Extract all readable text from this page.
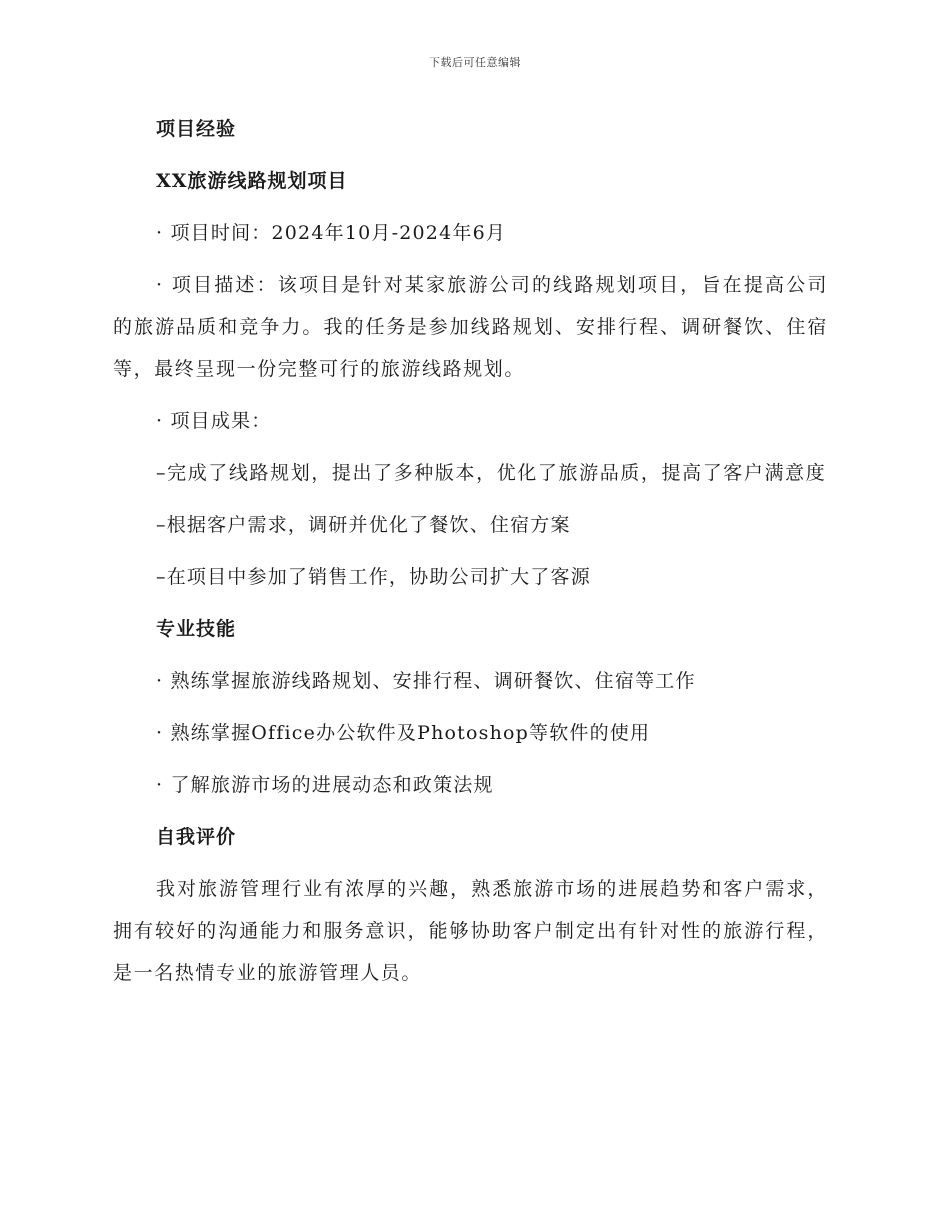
下载后可任意编辑
项目经验
XX旅游线路规划项目
· 项目时间：2024年10月-2024年6月
· 项目描述：该项目是针对某家旅游公司的线路规划项目，旨在提高公司的旅游品质和竞争力。我的任务是参加线路规划、安排行程、调研餐饮、住宿等，最终呈现一份完整可行的旅游线路规划。
· 项目成果：
–完成了线路规划，提出了多种版本，优化了旅游品质，提高了客户满意度
–根据客户需求，调研并优化了餐饮、住宿方案
–在项目中参加了销售工作，协助公司扩大了客源
专业技能
· 熟练掌握旅游线路规划、安排行程、调研餐饮、住宿等工作
· 熟练掌握Office办公软件及Photoshop等软件的使用
· 了解旅游市场的进展动态和政策法规
自我评价
我对旅游管理行业有浓厚的兴趣，熟悉旅游市场的进展趋势和客户需求，拥有较好的沟通能力和服务意识，能够协助客户制定出有针对性的旅游行程，是一名热情专业的旅游管理人员。
